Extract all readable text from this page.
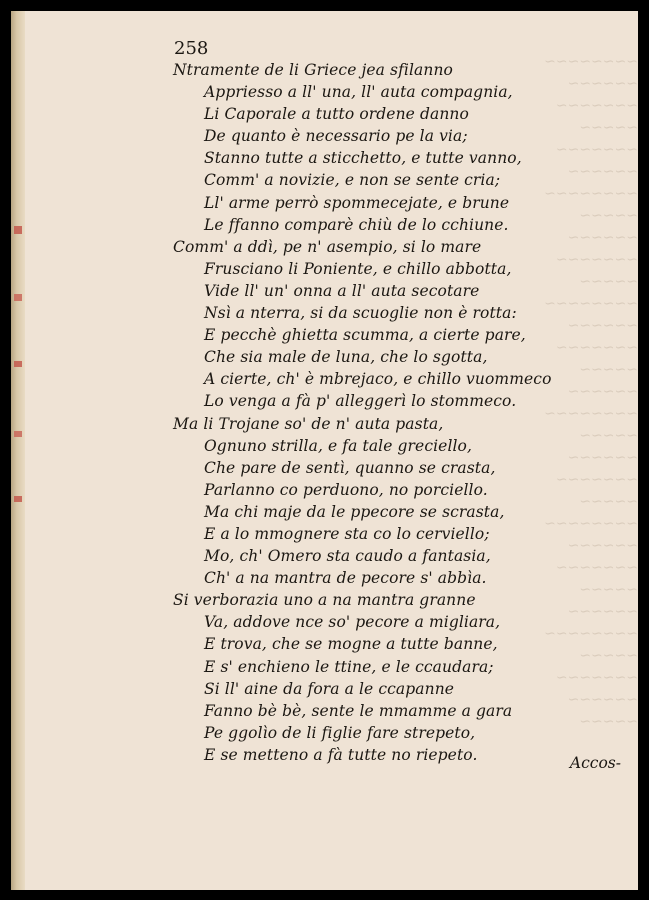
~~~~~~~~
~~~~~~
~~~~~~~
~~~~~
~~~~~~~
~~~~~~
~~~~~~~~
~~~~~
~~~~~~
~~~~~~~
~~~~~
~~~~~~~~
~~~~~~
~~~~~~~
~~~~~
~~~~~~
~~~~~~~~
~~~~~
~~~~~~
~~~~~~~
~~~~~
~~~~~~~~
~~~~~~
~~~~~~~
~~~~~
~~~~~~
~~~~~~~~
~~~~~
~~~~~~~
~~~~~~
~~~~~
258
Ntramente de li Griece jea sfilanno
Appriesso a ll' una, ll' auta compagnia,
Li Caporale a tutto ordene danno
De quanto è necessario pe la via;
Stanno tutte a sticchetto, e tutte vanno,
Comm' a novizie, e non se sente cria;
Ll' arme perrò spommecejate, e brune
Le ffanno comparè chiù de lo cchiune.
Comm' a ddì, pe n' asempio, si lo mare
Frusciano li Poniente, e chillo abbotta,
Vide ll' un' onna a ll' auta secotare
Nsì a nterra, si da scuoglie non è rotta:
E pecchè ghietta scumma, a cierte pare,
Che sia male de luna, che lo sgotta,
A cierte, ch' è mbrejaco, e chillo vuommeco
Lo venga a fà p' alleggerì lo stommeco.
Ma li Trojane so' de n' auta pasta,
Ognuno strilla, e fa tale greciello,
Che pare de sentì, quanno se crasta,
Parlanno co perduono, no porciello.
Ma chi maje da le ppecore se scrasta,
E a lo mmognere sta co lo cerviello;
Mo, ch' Omero sta caudo a fantasia,
Ch' a na mantra de pecore s' abbìa.
Si verborazia uno a na mantra granne
Va, addove nce so' pecore a migliara,
E trova, che se mogne a tutte banne,
E s' enchieno le ttine, e le ccaudara;
Si ll' aine da fora a le ccapanne
Fanno bè bè, sente le mmamme a gara
Pe ggolìo de li figlie fare strepeto,
E se metteno a fà tutte no riepeto.	Accos-
